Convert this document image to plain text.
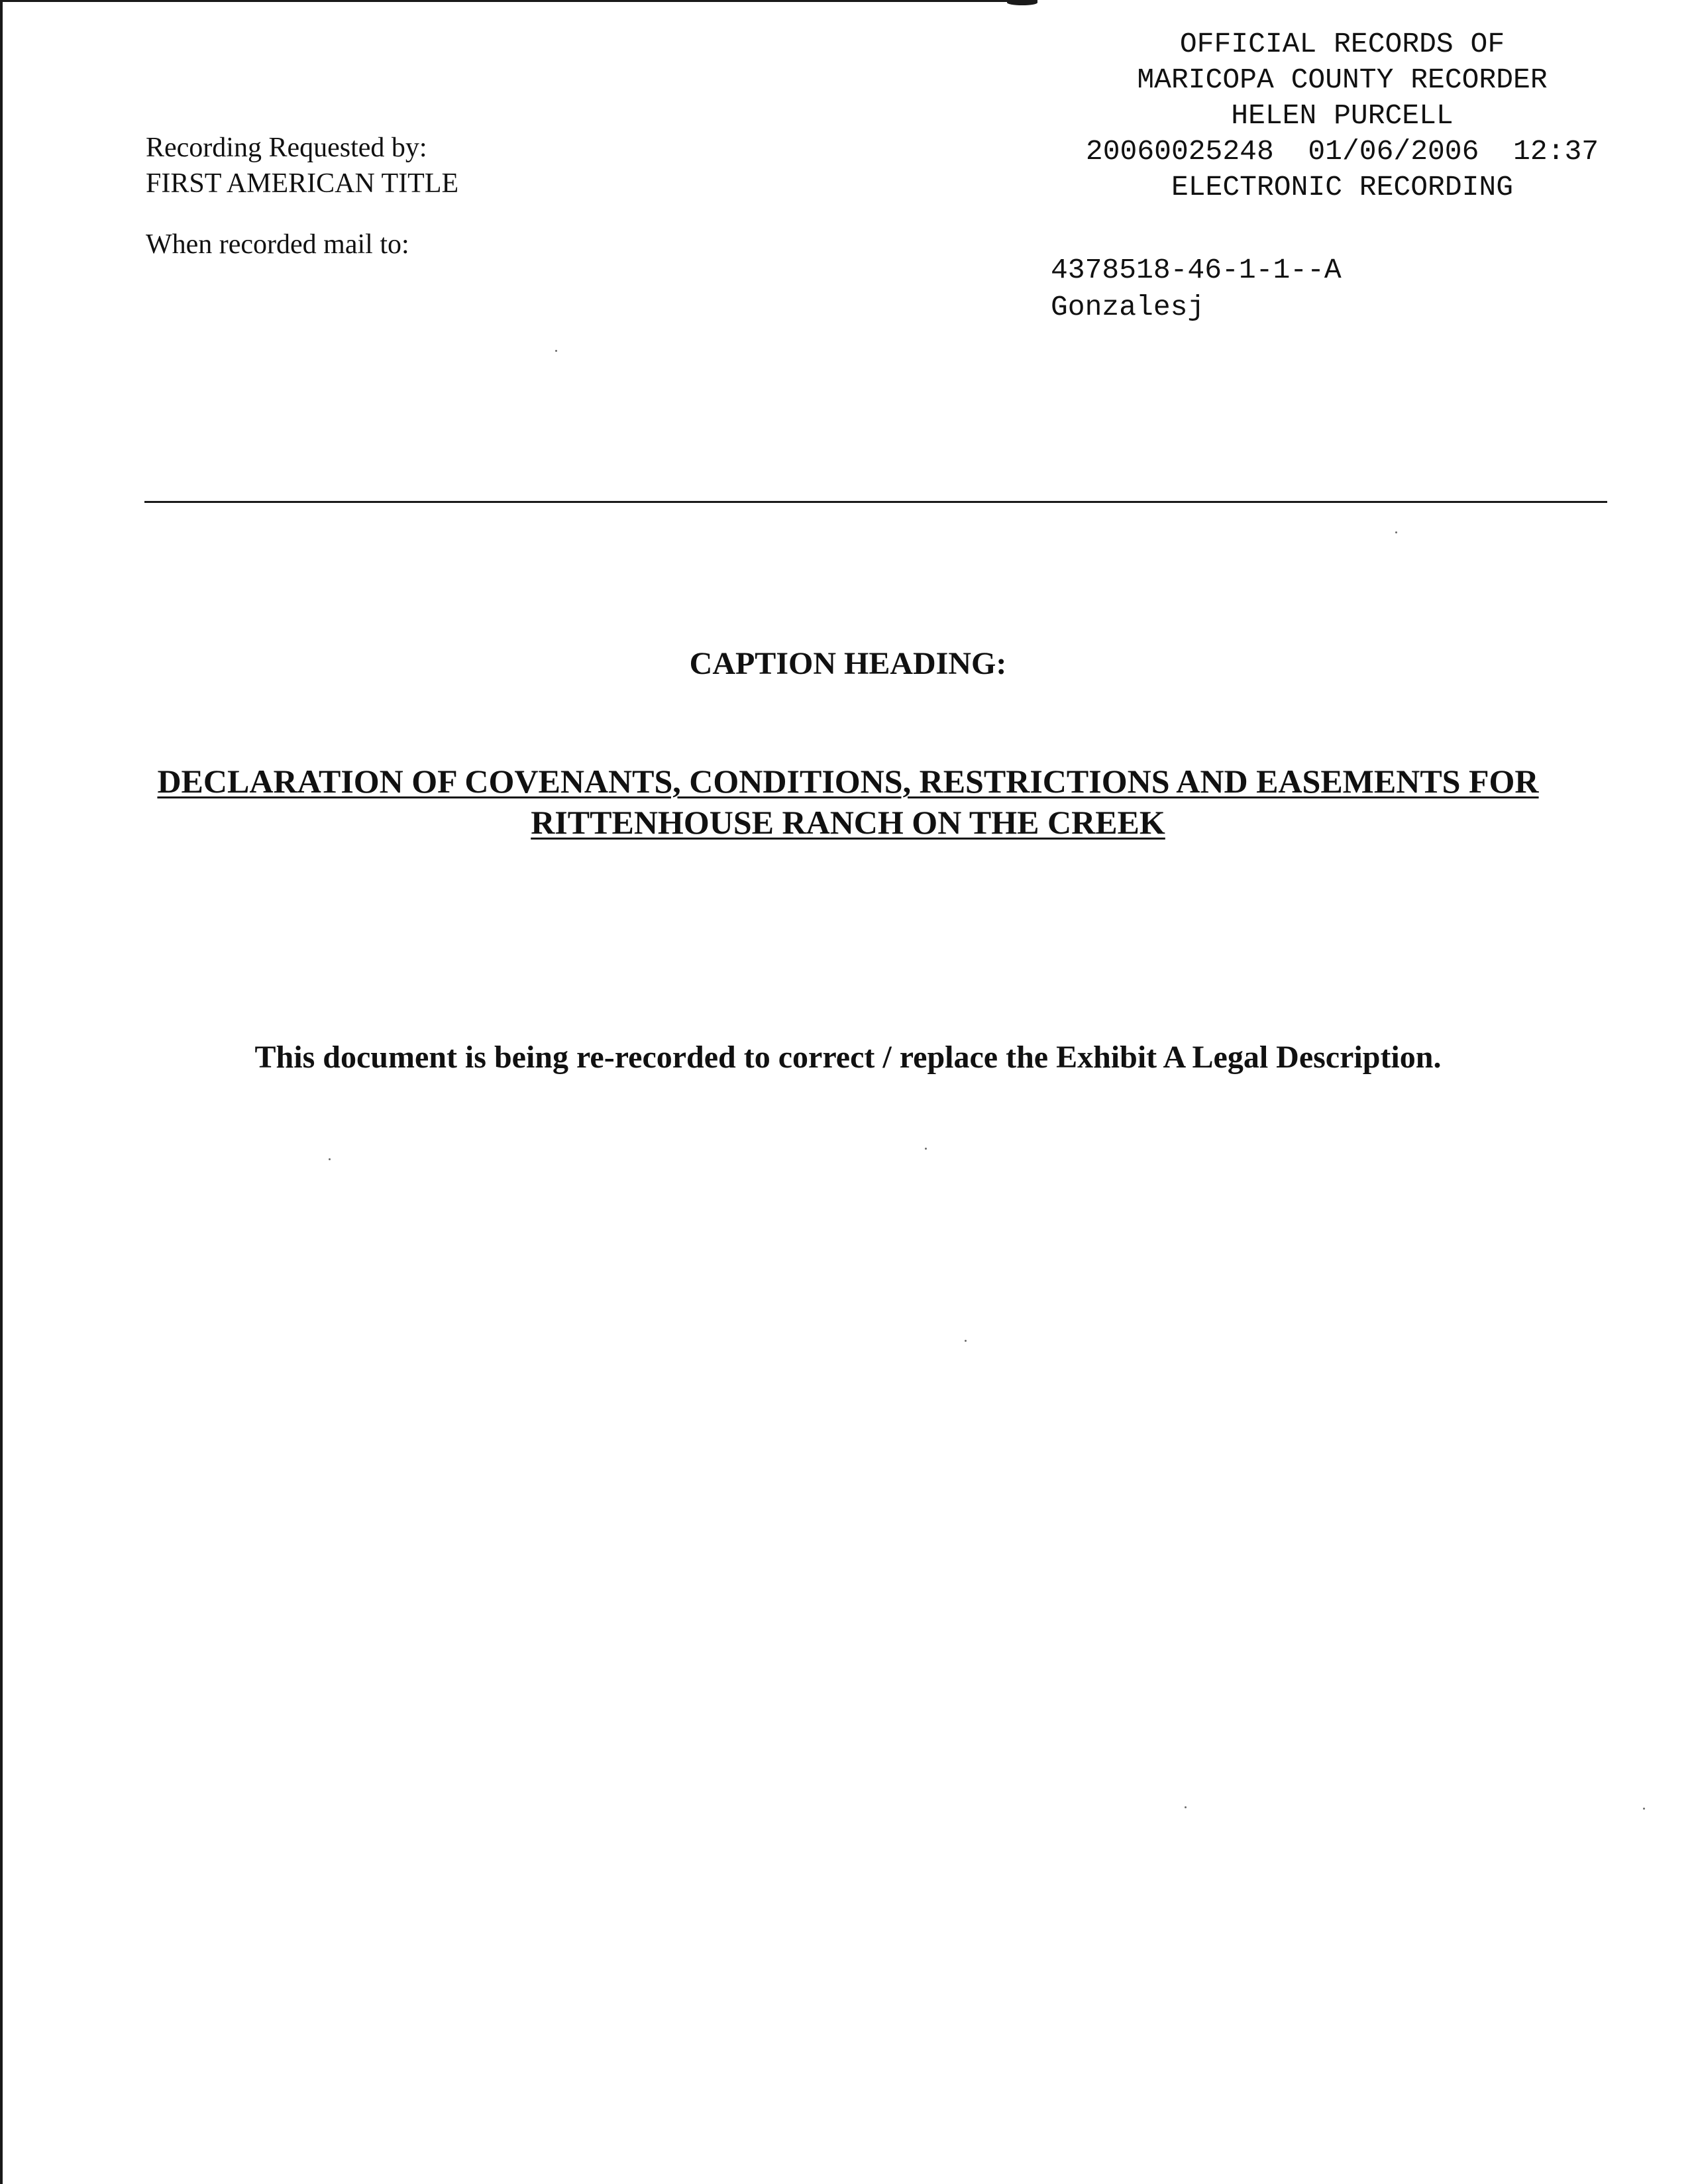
Recording Requested by:
FIRST AMERICAN TITLE
When recorded mail to:
OFFICIAL RECORDS OF
MARICOPA COUNTY RECORDER
HELEN PURCELL
20060025248  01/06/2006  12:37
ELECTRONIC RECORDING
4378518-46-1-1--A
Gonzalesj
CAPTION HEADING:
DECLARATION OF COVENANTS, CONDITIONS, RESTRICTIONS AND EASEMENTS FOR
RITTENHOUSE RANCH ON THE CREEK
This document is being re-recorded to correct / replace the Exhibit A Legal Description.
